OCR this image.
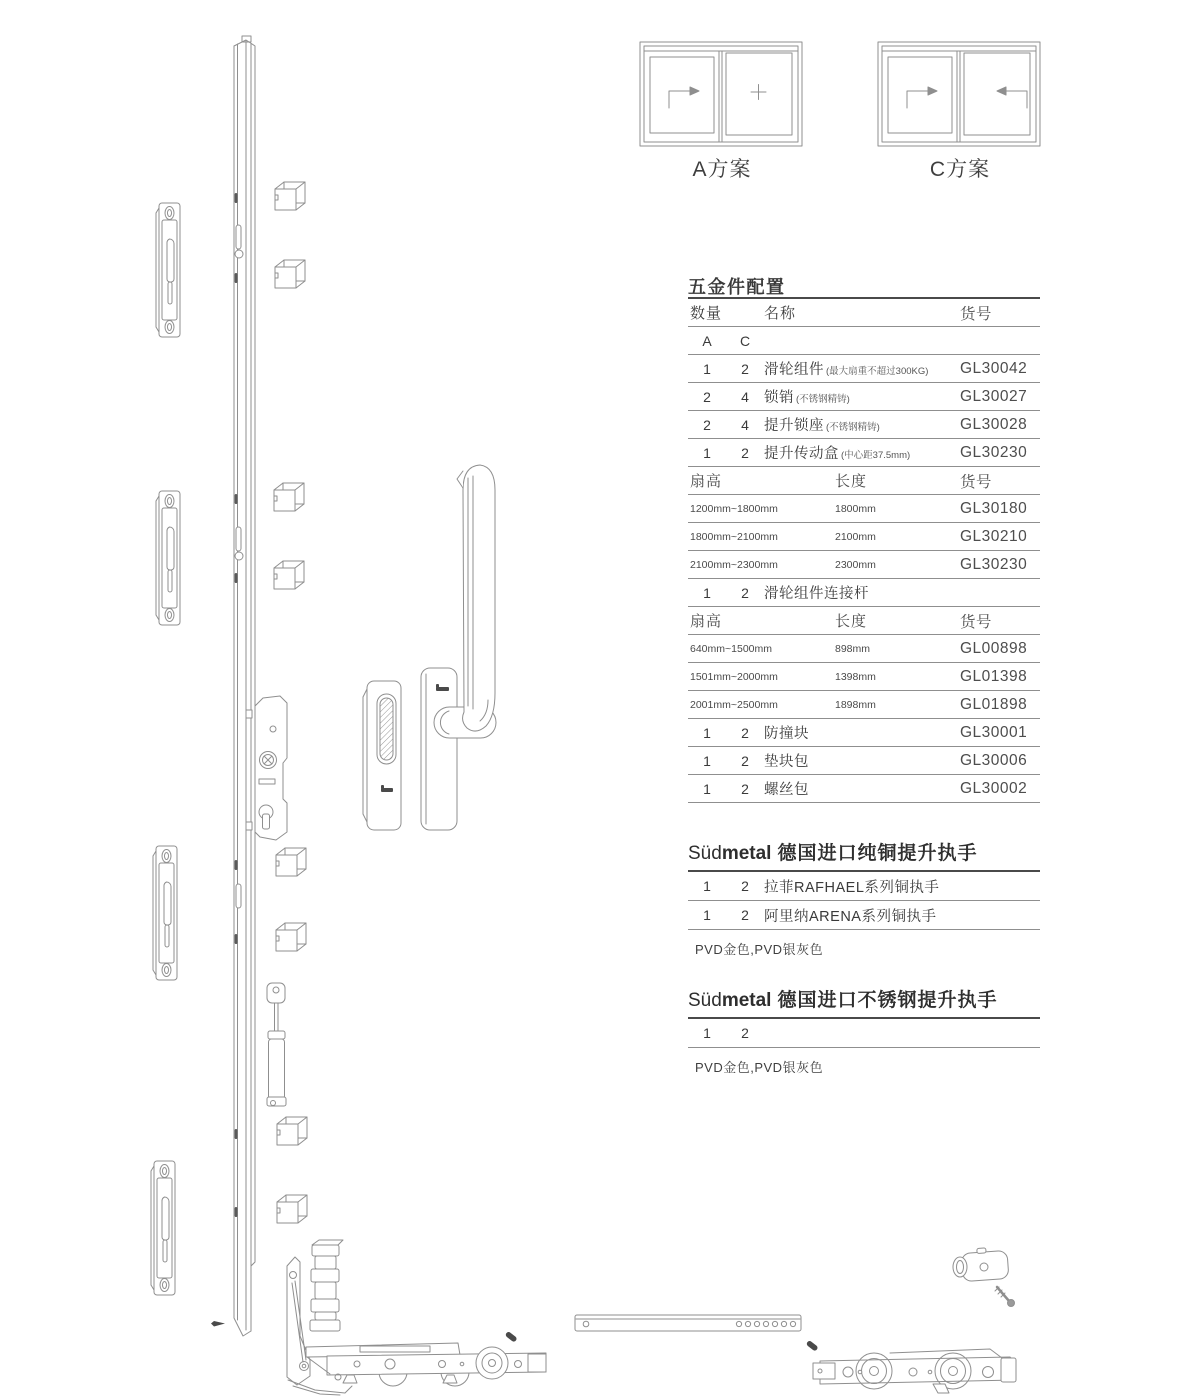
A方案	C方案
五金件配置
数量	名称	货号
A	C
1	2	滑轮组件 (最大扇重不超过300KG) GL30042
2	4	锁销 (不锈钢精铸)	GL30027
2	4	提升锁座 (不锈钢精铸)	GL30028
1	2	提升传动盒 (中心距37.5mm)	GL30230
扇高	长度	货号
1200mm~1800mm	1800mm	GL30180
1800mm~2100mm	2100mm	GL30210
2100mm~2300mm	2300mm	GL30230
1	2	滑轮组件连接杆
扇高	长度	货号
640mm~1500mm	898mm	GL00898
1501mm~2000mm	1398mm	GL01398
2001mm~2500mm	1898mm	GL01898
1	2	防撞块	GL30001
1	2	垫块包	GL30006
1	2	螺丝包	GL30002
Südmetal 德国进口纯铜提升执手
1	2	拉菲RAFHAEL系列铜执手
1	2	阿里纳ARENA系列铜执手
PVD金色,PVD银灰色
Südmetal 德国进口不锈钢提升执手
1	2
PVD金色,PVD银灰色
